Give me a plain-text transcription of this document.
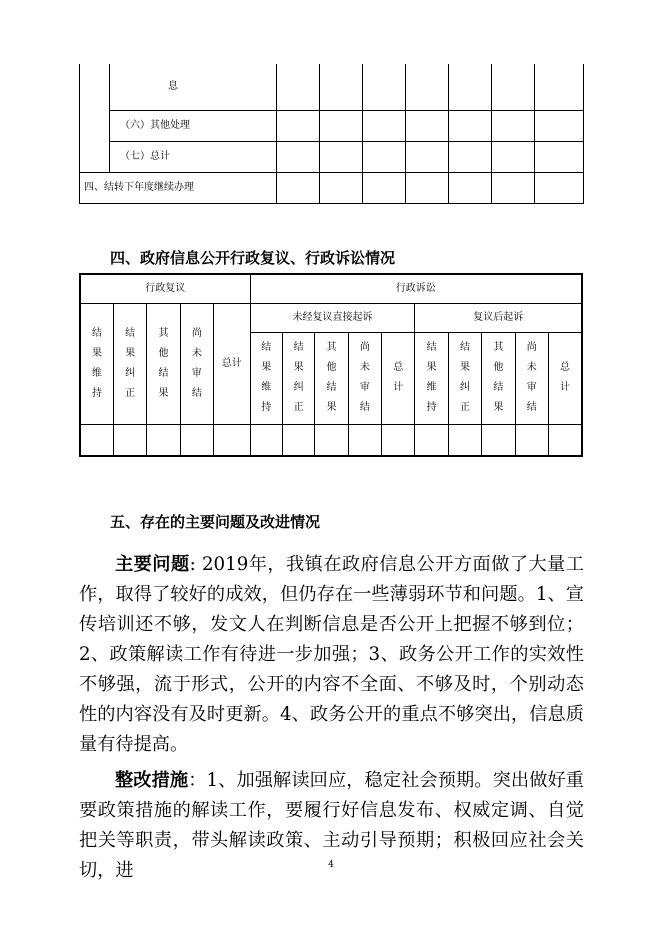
	息							
	（六）其他处理							
	（七）总计							
四、结转下年度继续办理								
四、政府信息公开行政复议、行政诉讼情况
行政复议					行政诉讼									
结果维持	结果纠正	其他结果	尚未审结	总计	未经复议直接起诉					复议后起诉				
					结果维持	结果纠正	其他结果	尚未审结	总计	结果维持	结果纠正	其他结果	尚未审结	总计

五、存在的主要问题及改进情况

主要问题: 2019年，我镇在政府信息公开方面做了大量工作，取得了较好的成效，但仍存在一些薄弱环节和问题。1、宣传培训还不够，发文人在判断信息是否公开上把握不够到位；2、政策解读工作有待进一步加强；3、政务公开工作的实效性不够强，流于形式，公开的内容不全面、不够及时，个别动态性的内容没有及时更新。4、政务公开的重点不够突出，信息质量有待提高。

整改措施：1、加强解读回应，稳定社会预期。突出做好重要政策措施的解读工作，要履行好信息发布、权威定调、自觉把关等职责，带头解读政策、主动引导预期；积极回应社会关切，进	4
